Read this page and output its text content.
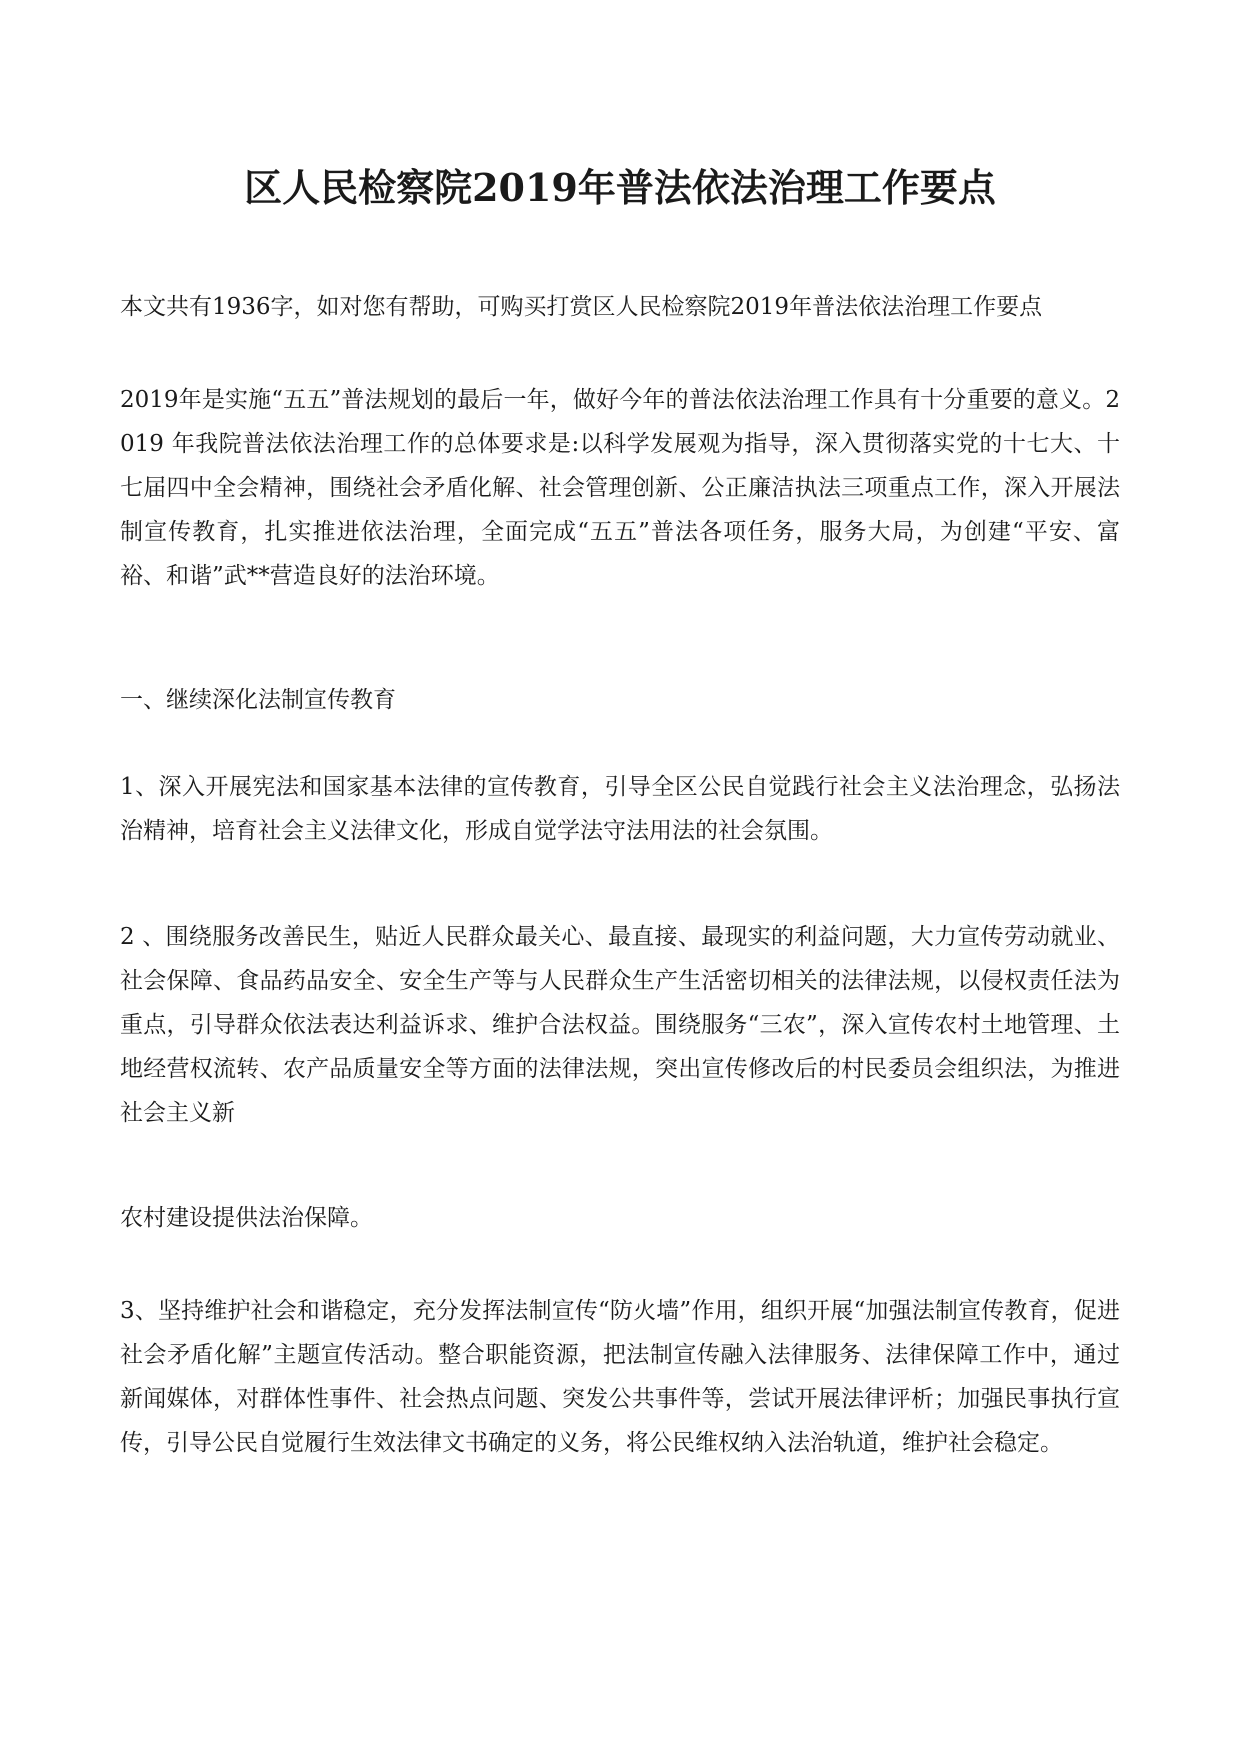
区人民检察院2019年普法依法治理工作要点

本文共有1936字，如对您有帮助，可购买打赏区人民检察院2019年普法依法治理工作要点

2019年是实施“五五”普法规划的最后一年，做好今年的普法依法治理工作具有十分重要的意义。2019 年我院普法依法治理工作的总体要求是:以科学发展观为指导，深入贯彻落实党的十七大、十七届四中全会精神，围绕社会矛盾化解、社会管理创新、公正廉洁执法三项重点工作，深入开展法制宣传教育，扎实推进依法治理，全面完成“五五”普法各项任务，服务大局，为创建“平安、富裕、和谐”武**营造良好的法治环境。

一、继续深化法制宣传教育

1、深入开展宪法和国家基本法律的宣传教育，引导全区公民自觉践行社会主义法治理念，弘扬法治精神，培育社会主义法律文化，形成自觉学法守法用法的社会氛围。

2 、围绕服务改善民生，贴近人民群众最关心、最直接、最现实的利益问题，大力宣传劳动就业、社会保障、食品药品安全、安全生产等与人民群众生产生活密切相关的法律法规，以侵权责任法为重点，引导群众依法表达利益诉求、维护合法权益。围绕服务“三农”，深入宣传农村土地管理、土地经营权流转、农产品质量安全等方面的法律法规，突出宣传修改后的村民委员会组织法，为推进社会主义新

农村建设提供法治保障。

3、坚持维护社会和谐稳定，充分发挥法制宣传“防火墙”作用，组织开展“加强法制宣传教育，促进社会矛盾化解”主题宣传活动。整合职能资源，把法制宣传融入法律服务、法律保障工作中，通过新闻媒体，对群体性事件、社会热点问题、突发公共事件等，尝试开展法律评析；加强民事执行宣传，引导公民自觉履行生效法律文书确定的义务，将公民维权纳入法治轨道，维护社会稳定。
